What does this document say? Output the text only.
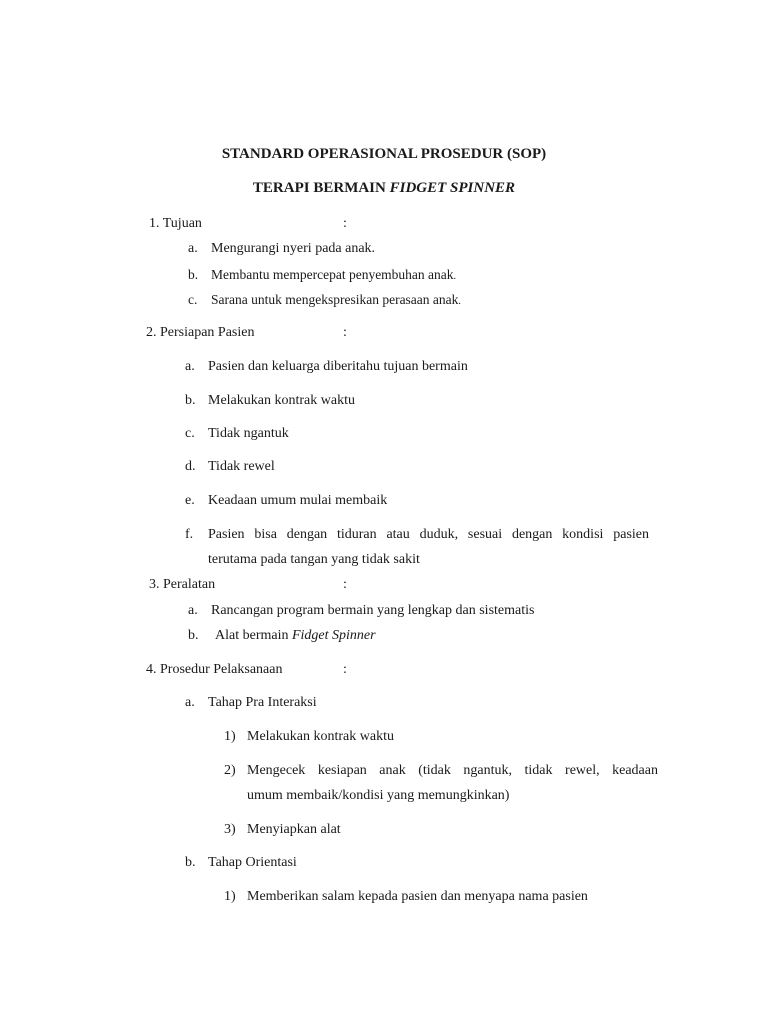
STANDARD OPERASIONAL PROSEDUR (SOP)
TERAPI BERMAIN FIDGET SPINNER
1. Tujuan	:
a. Mengurangi nyeri pada anak.
b. Membantu mempercepat penyembuhan anak.
c. Sarana untuk mengekspresikan perasaan anak.
2. Persiapan Pasien	:
a. Pasien dan keluarga diberitahu tujuan bermain
b. Melakukan kontrak waktu
c. Tidak ngantuk
d. Tidak rewel
e. Keadaan umum mulai membaik
f. Pasien bisa dengan tiduran atau duduk, sesuai dengan kondisi pasien
terutama pada tangan yang tidak sakit
3. Peralatan	:
a. Rancangan program bermain yang lengkap dan sistematis
b. Alat bermain Fidget Spinner
4. Prosedur Pelaksanaan	:
a. Tahap Pra Interaksi
1) Melakukan kontrak waktu
2) Mengecek kesiapan anak (tidak ngantuk, tidak rewel, keadaan
umum membaik/kondisi yang memungkinkan)
3) Menyiapkan alat
b. Tahap Orientasi
1) Memberikan salam kepada pasien dan menyapa nama pasien
